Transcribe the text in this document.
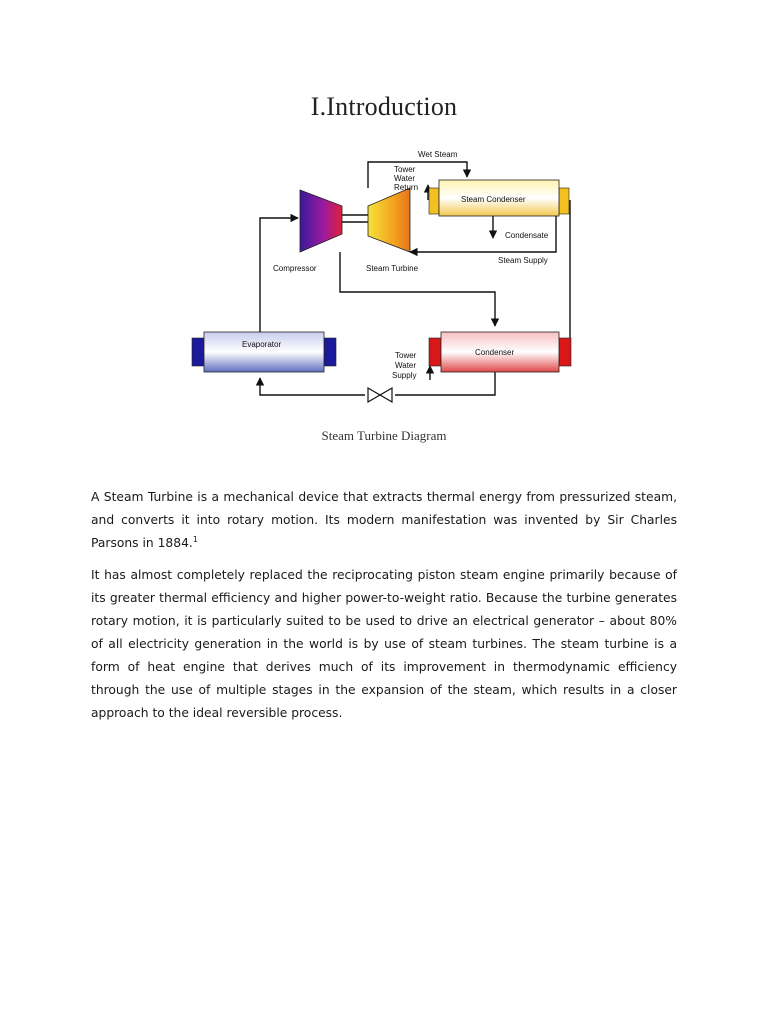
I.Introduction
Wet Steam
Tower
Water
Return
Steam Condenser
Condensate
Steam Supply
Compressor	Steam Turbine
Evaporator
Condenser
Tower
Water
Supply
Steam Turbine Diagram

A Steam Turbine is a mechanical device that extracts thermal energy from pressurized steam, and converts it into rotary motion. Its modern manifestation was invented by Sir Charles Parsons in 1884.$^1$

It has almost completely replaced the reciprocating piston steam engine primarily because of its greater thermal efficiency and higher power-to-weight ratio. Because the turbine generates rotary motion, it is particularly suited to be used to drive an electrical generator – about 80% of all electricity generation in the world is by use of steam turbines. The steam turbine is a form of heat engine that derives much of its improvement in thermodynamic efficiency through the use of multiple stages in the expansion of the steam, which results in a closer approach to the ideal reversible process.
